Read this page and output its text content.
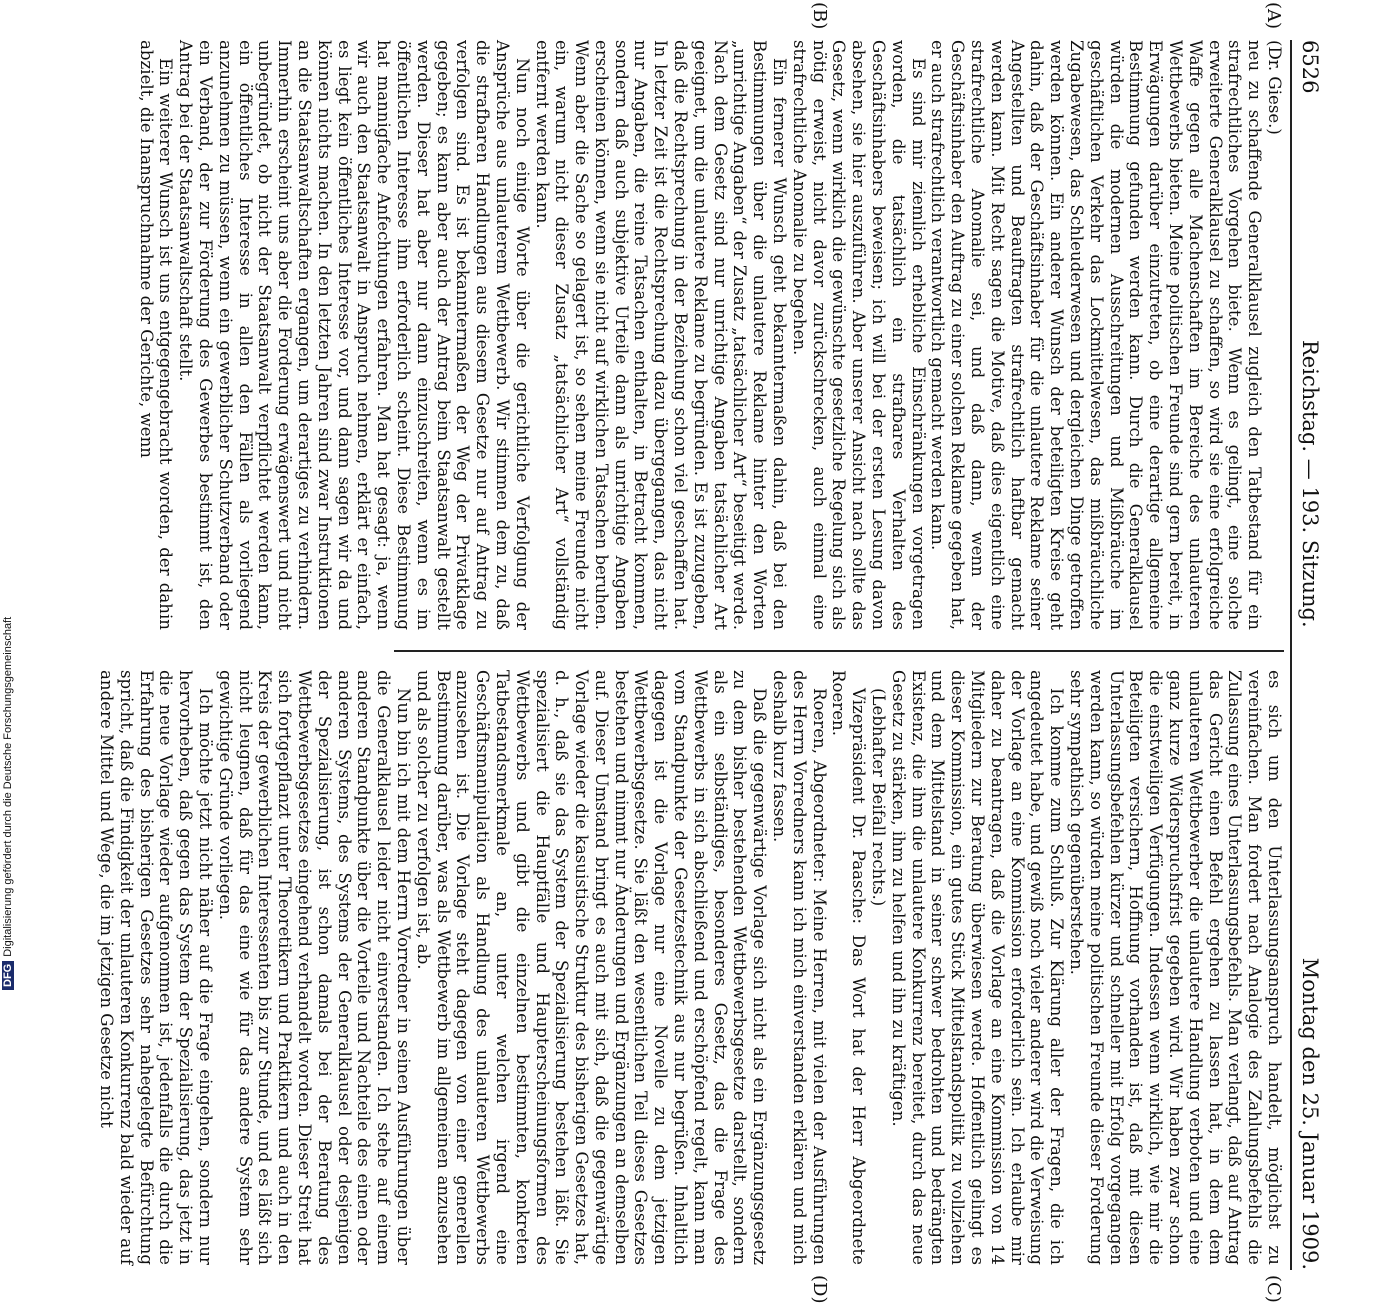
DFGDigitalisierung gefördert durch die Deutsche Forschungsgemeinschaft
6526
Reichstag. — 193. Sitzung.
Montag den 25. Januar 1909.
(A)
(B)
(C)
(D)

(Dr. Giese.)

neu zu schaffende Generalklausel zugleich den Tatbestand für ein strafrechtliches Vorgehen biete. Wenn es gelingt, eine solche erweiterte Generalklausel zu schaffen, so wird sie eine erfolgreiche Waffe gegen alle Machenschaften im Bereiche des unlauteren Wettbewerbs bieten. Meine politischen Freunde sind gern bereit, in Erwägungen darüber einzutreten, ob eine derartige allgemeine Bestimmung gefunden werden kann. Durch die Generalklausel würden die modernen Ausschreitungen und Mißbräuche im geschäftlichen Verkehr das Lockmittelwesen, das mißbräuchliche Zugabewesen, das Schleuderwesen und dergleichen Dinge getroffen werden können. Ein anderer Wunsch der beteiligten Kreise geht dahin, daß der Geschäftsinhaber für die unlautere Reklame seiner Angestellten und Beauftragten strafrechtlich haftbar gemacht werden kann. Mit Recht sagen die Motive, daß dies eigentlich eine strafrechtliche Anomalie sei, und daß dann, wenn der Geschäftsinhaber den Auftrag zu einer solchen Reklame gegeben hat, er auch strafrechtlich verantwortlich gemacht werden kann.

Es sind mir ziemlich erhebliche Einschränkungen vorgetragen worden, die tatsächlich ein strafbares Verhalten des Geschäftsinhabers beweisen; ich will bei der ersten Lesung davon absehen, sie hier auszuführen. Aber unserer Ansicht nach sollte das Gesetz, wenn wirklich die gewünschte gesetzliche Regelung sich als nötig erweist, nicht davor zurückschrecken, auch einmal eine strafrechtliche Anomalie zu begehen.

Ein fernerer Wunsch geht bekanntermaßen dahin, daß bei den Bestimmungen über die unlautere Reklame hinter den Worten „unrichtige Angaben“ der Zusatz „tatsächlicher Art“ beseitigt werde. Nach dem Gesetz sind nur unrichtige Angaben tatsächlicher Art geeignet, um die unlautere Reklame zu begründen. Es ist zuzugeben, daß die Rechtsprechung in der Beziehung schon viel geschaffen hat. In letzter Zeit ist die Rechtsprechung dazu übergegangen, das nicht nur Angaben, die reine Tatsachen enthalten, in Betracht kommen, sondern daß auch subjektive Urteile dann als unrichtige Angaben erscheinen können, wenn sie nicht auf wirklichen Tatsachen beruhen. Wenn aber die Sache so gelagert ist, so sehen meine Freunde nicht ein, warum nicht dieser Zusatz „tatsächlicher Art“ vollständig entfernt werden kann.

Nun noch einige Worte über die gerichtliche Verfolgung der Ansprüche aus unlauterem Wettbewerb. Wir stimmen dem zu, daß die strafbaren Handlungen aus diesem Gesetze nur auf Antrag zu verfolgen sind. Es ist bekanntermaßen der Weg der Privatklage gegeben; es kann aber auch der Antrag beim Staatsanwalt gestellt werden. Dieser hat aber nur dann einzuschreiten, wenn es im öffentlichen Interesse ihm erforderlich scheint. Diese Bestimmung hat mannigfache Anfechtungen erfahren. Man hat gesagt: ja, wenn wir auch den Staatsanwalt in Anspruch nehmen, erklärt er einfach, es liegt kein öffentliches Interesse vor, und dann sagen wir da und können nichts machen. In den letzten Jahren sind zwar Instruktionen an die Staatsanwaltschaften ergangen, um derartiges zu verhindern. Immerhin erscheint uns aber die Forderung erwägenswert und nicht unbegründet, ob nicht der Staatsanwalt verpflichtet werden kann, ein öffentliches Interesse in allen den Fällen als vorliegend anzunehmen zu müssen, wenn ein gewerblicher Schutzverband oder ein Verband, der zur Förderung des Gewerbes bestimmt ist, den Antrag bei der Staatsanwaltschaft stellt.

Ein weiterer Wunsch ist uns entgegengebracht worden, der dahin abzielt, die Inanspruchnahme der Gerichte, wenn

es sich um den Unterlassungsanspruch handelt, möglichst zu vereinfachen. Man fordert nach Analogie des Zahlungsbefehls die Zulassung eines Unterlassungsbefehls. Man verlangt, daß auf Antrag das Gericht einen Befehl ergehen zu lassen hat, in dem dem unlauteren Wettbewerber die unlautere Handlung verboten und eine ganz kurze Widerspruchsfrist gegeben wird. Wir haben zwar schon die einstweiligen Verfügungen. Indessen wenn wirklich, wie mir die Beteiligten versichern, Hoffnung vorhanden ist, daß mit diesen Unterlassungsbefehlen kürzer und schneller mit Erfolg vorgegangen werden kann, so würden meine politischen Freunde dieser Forderung sehr sympathisch gegenüberstehen.

Ich komme zum Schluß. Zur Klärung aller der Fragen, die ich angedeutet habe, und gewiß noch vieler anderer wird die Verweisung der Vorlage an eine Kommission erforderlich sein. Ich erlaube mir daher zu beantragen, daß die Vorlage an eine Kommission von 14 Mitgliedern zur Beratung überwiesen werde. Hoffentlich gelingt es dieser Kommission, ein gutes Stück Mittelstandspolitik zu vollziehen und dem Mittelstand in seiner schwer bedrohten und bedrängten Existenz, die ihm die unlautere Konkurrenz bereitet, durch das neue Gesetz zu stärken, ihm zu helfen und ihn zu kräftigen.

(Lebhafter Beifall rechts.)

Vizepräsident Dr. Paasche: Das Wort hat der Herr Abgeordnete Roeren.

Roeren, Abgeordneter: Meine Herren, mit vielen der Ausführungen des Herrn Vorredners kann ich mich einverstanden erklären und mich deshalb kurz fassen.

Daß die gegenwärtige Vorlage sich nicht als ein Ergänzungsgesetz zu dem bisher bestehenden Wettbewerbsgesetze darstellt, sondern als ein selbständiges, besonderes Gesetz, das die Frage des Wettbewerbs in sich abschließend und erschöpfend regelt, kann man vom Standpunkte der Gesetzestechnik aus nur begrüßen. Inhaltlich dagegen ist die Vorlage nur eine Novelle zu dem jetzigen Wettbewerbsgesetze. Sie läßt den wesentlichen Teil dieses Gesetzes bestehen und nimmt nur Änderungen und Ergänzungen an demselben auf. Dieser Umstand bringt es auch mit sich, daß die gegenwärtige Vorlage wieder die kasuistische Struktur des bisherigen Gesetzes hat, d. h., daß sie das System der Spezialisierung bestehen läßt. Sie spezialisiert die Hauptfälle und Haupterscheinungsformen des Wettbewerbs und gibt die einzelnen bestimmten, konkreten Tatbestandsmerkmale an, unter welchen irgend eine Geschäftsmanipulation als Handlung des unlauteren Wettbewerbs anzusehen ist. Die Vorlage steht dagegen von einer generellen Bestimmung darüber, was als Wettbewerb im allgemeinen anzusehen und als solcher zu verfolgen ist, ab.

Nun bin ich mit dem Herrn Vorredner in seinen Ausführungen über die Generalklausel leider nicht einverstanden. Ich stehe auf einem anderen Standpunkte über die Vorteile und Nachteile des einen oder anderen Systems, des Systems der Generalklausel oder desjenigen der Spezialisierung, ist schon damals bei der Beratung des Wettbewerbsgesetzes eingehend verhandelt worden. Dieser Streit hat sich fortgepflanzt unter Theoretikern und Praktikern und auch in den Kreis der gewerblichen Interessenten bis zur Stunde, und es läßt sich nicht leugnen, daß für das eine wie für das andere System sehr gewichtige Gründe vorliegen.

Ich möchte jetzt nicht näher auf die Frage eingehen, sondern nur hervorheben, daß gegen das System der Spezialisierung, das jetzt in die neue Vorlage wieder aufgenommen ist, jedenfalls die durch die Erfahrung des bisherigen Gesetzes sehr nahegelegte Befürchtung spricht, daß die Findigkeit der unlauteren Konkurrenz bald wieder auf andere Mittel und Wege, die im jetzigen Gesetze nicht
